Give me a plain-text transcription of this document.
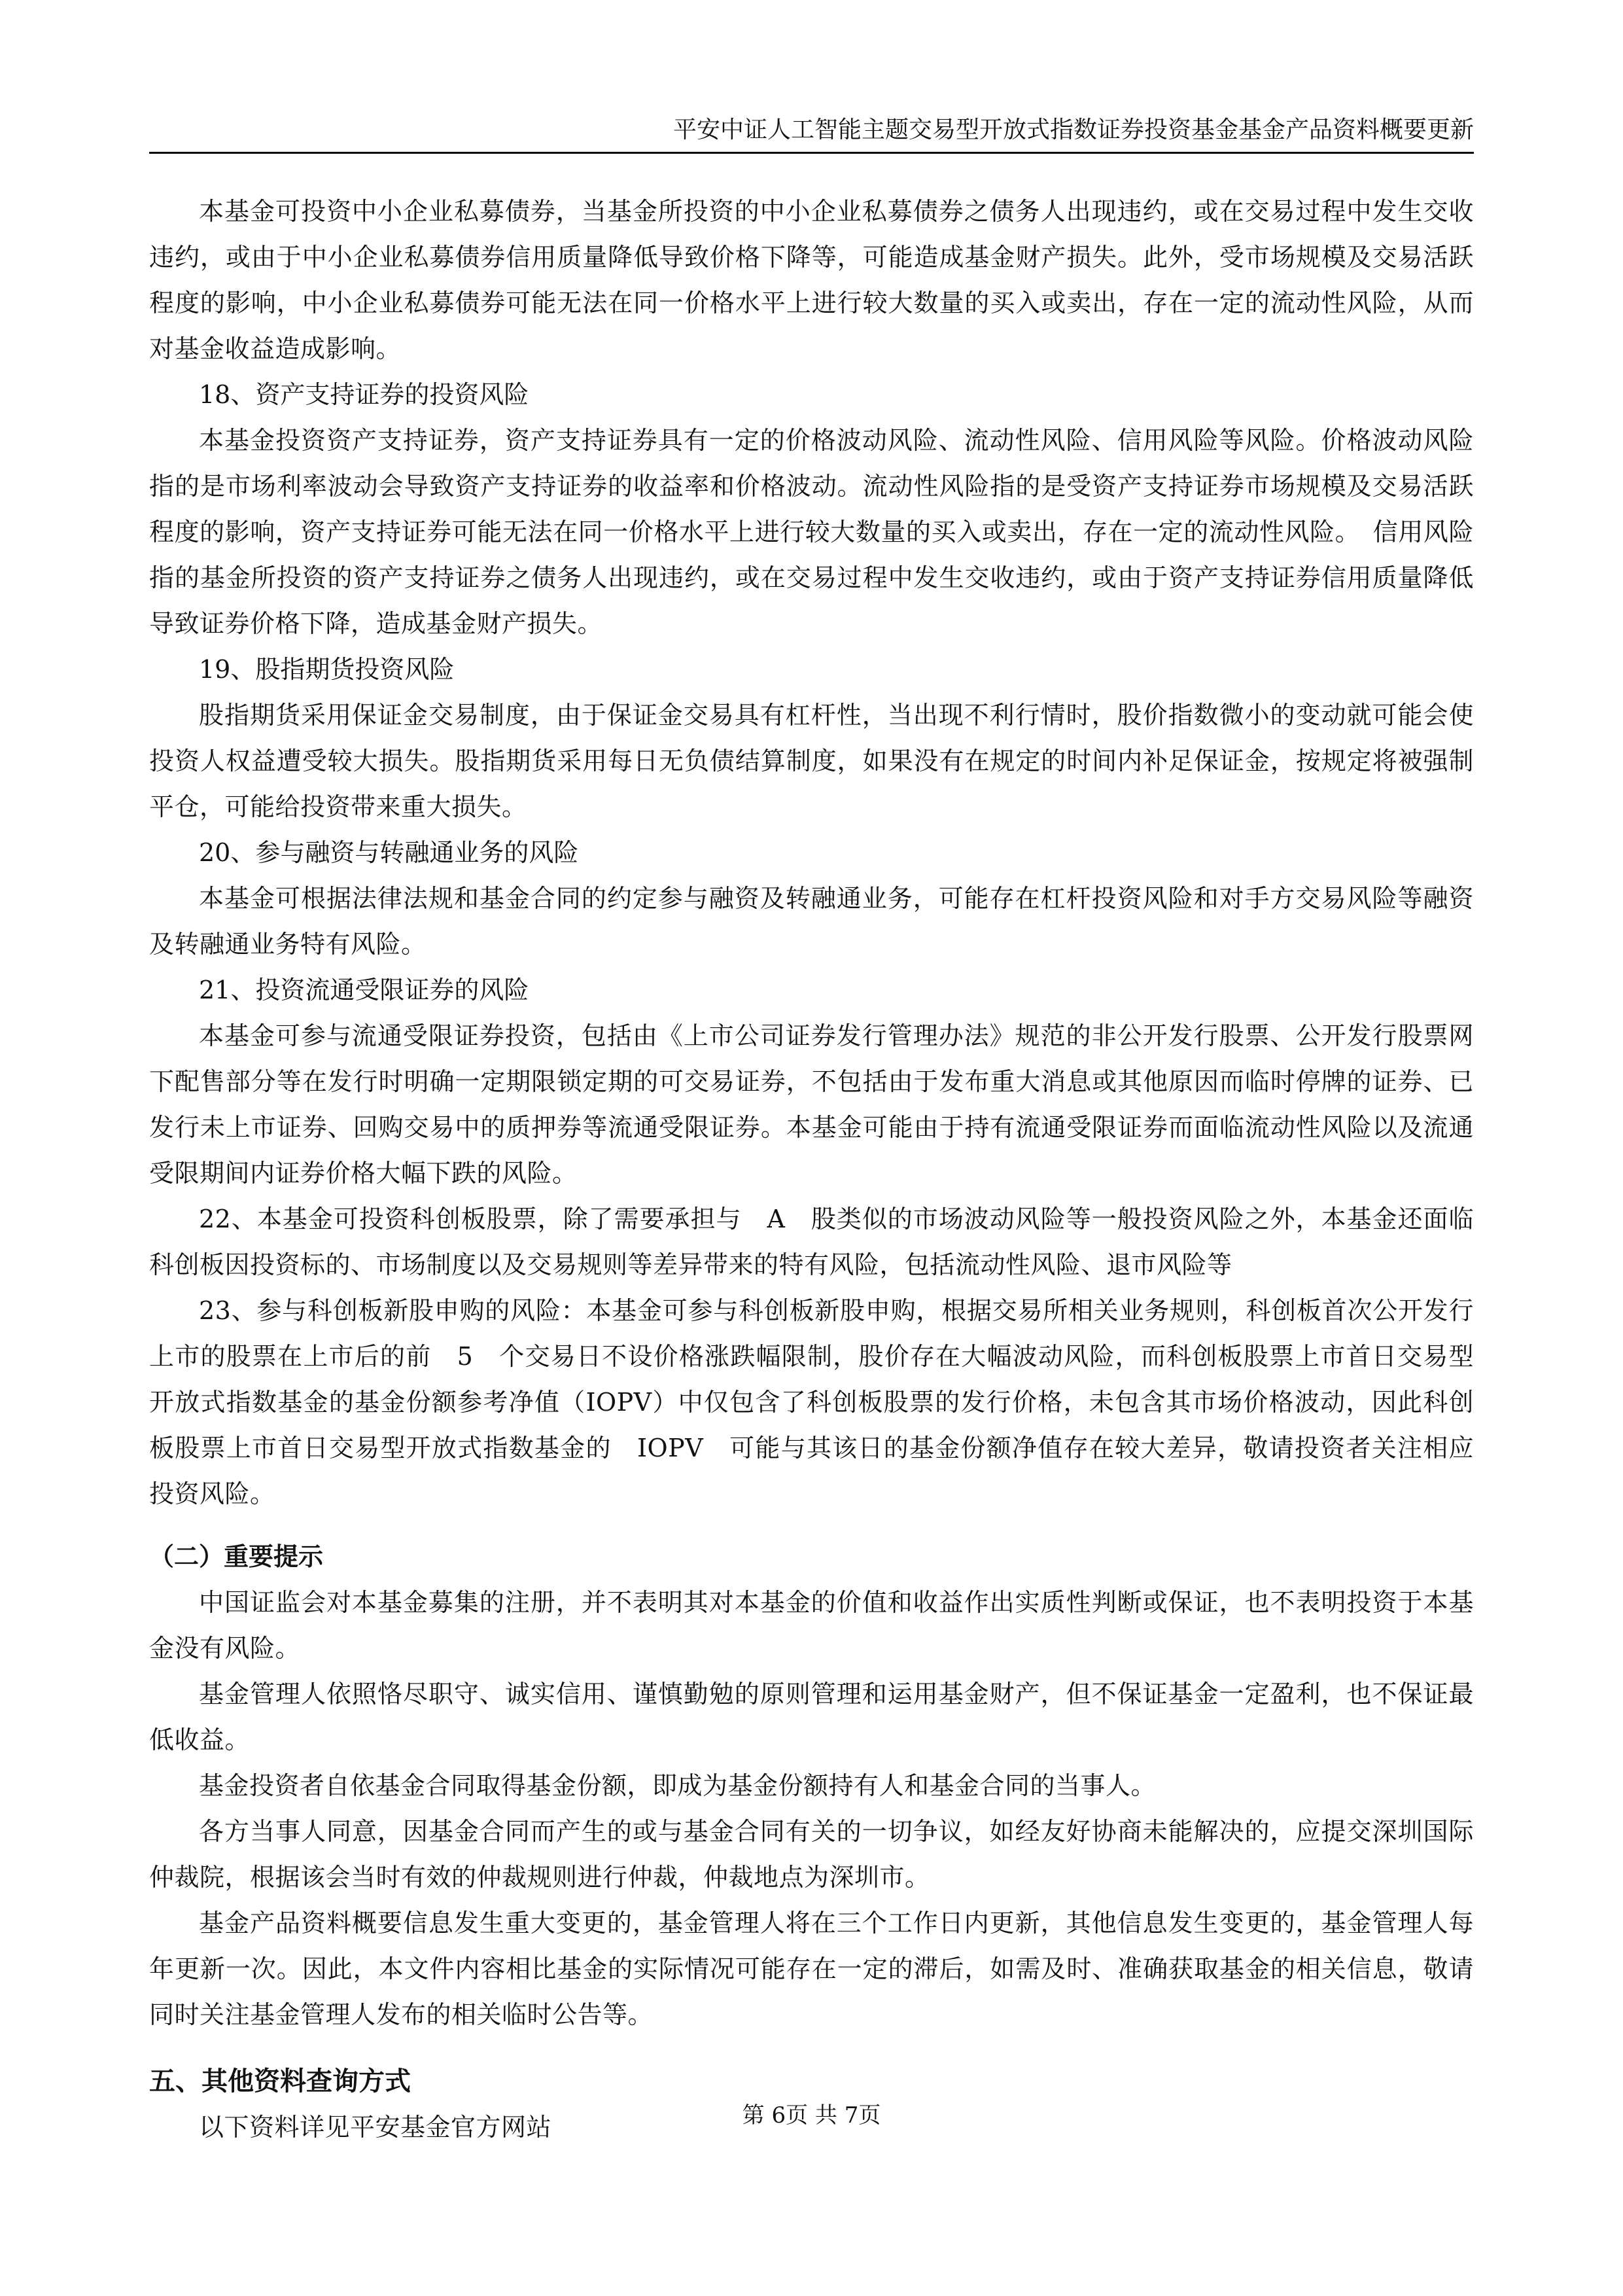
平安中证人工智能主题交易型开放式指数证券投资基金基金产品资料概要更新

本基金可投资中小企业私募债券，当基金所投资的中小企业私募债券之债务人出现违约，或在交易过程中发生交收违约，或由于中小企业私募债券信用质量降低导致价格下降等，可能造成基金财产损失。此外，受市场规模及交易活跃程度的影响，中小企业私募债券可能无法在同一价格水平上进行较大数量的买入或卖出，存在一定的流动性风险，从而对基金收益造成影响。

18、资产支持证券的投资风险

本基金投资资产支持证券，资产支持证券具有一定的价格波动风险、流动性风险、信用风险等风险。价格波动风险指的是市场利率波动会导致资产支持证券的收益率和价格波动。流动性风险指的是受资产支持证券市场规模及交易活跃程度的影响，资产支持证券可能无法在同一价格水平上进行较大数量的买入或卖出，存在一定的流动性风险。　信用风险指的基金所投资的资产支持证券之债务人出现违约，或在交易过程中发生交收违约，或由于资产支持证券信用质量降低导致证券价格下降，造成基金财产损失。

19、股指期货投资风险

股指期货采用保证金交易制度，由于保证金交易具有杠杆性，当出现不利行情时，股价指数微小的变动就可能会使投资人权益遭受较大损失。股指期货采用每日无负债结算制度，如果没有在规定的时间内补足保证金，按规定将被强制平仓，可能给投资带来重大损失。

20、参与融资与转融通业务的风险

本基金可根据法律法规和基金合同的约定参与融资及转融通业务，可能存在杠杆投资风险和对手方交易风险等融资及转融通业务特有风险。

21、投资流通受限证券的风险

本基金可参与流通受限证券投资，包括由《上市公司证券发行管理办法》规范的非公开发行股票、公开发行股票网下配售部分等在发行时明确一定期限锁定期的可交易证券，不包括由于发布重大消息或其他原因而临时停牌的证券、已发行未上市证券、回购交易中的质押券等流通受限证券。本基金可能由于持有流通受限证券而面临流动性风险以及流通受限期间内证券价格大幅下跌的风险。

22、本基金可投资科创板股票，除了需要承担与　A　股类似的市场波动风险等一般投资风险之外，本基金还面临科创板因投资标的、市场制度以及交易规则等差异带来的特有风险，包括流动性风险、退市风险等

23、参与科创板新股申购的风险：本基金可参与科创板新股申购，根据交易所相关业务规则，科创板首次公开发行上市的股票在上市后的前　5　个交易日不设价格涨跌幅限制，股价存在大幅波动风险，而科创板股票上市首日交易型开放式指数基金的基金份额参考净值（IOPV）中仅包含了科创板股票的发行价格，未包含其市场价格波动，因此科创板股票上市首日交易型开放式指数基金的　IOPV　可能与其该日的基金份额净值存在较大差异，敬请投资者关注相应投资风险。

（二）重要提示

中国证监会对本基金募集的注册，并不表明其对本基金的价值和收益作出实质性判断或保证，也不表明投资于本基金没有风险。

基金管理人依照恪尽职守、诚实信用、谨慎勤勉的原则管理和运用基金财产，但不保证基金一定盈利，也不保证最低收益。

基金投资者自依基金合同取得基金份额，即成为基金份额持有人和基金合同的当事人。

各方当事人同意，因基金合同而产生的或与基金合同有关的一切争议，如经友好协商未能解决的，应提交深圳国际仲裁院，根据该会当时有效的仲裁规则进行仲裁，仲裁地点为深圳市。

基金产品资料概要信息发生重大变更的，基金管理人将在三个工作日内更新，其他信息发生变更的，基金管理人每年更新一次。因此，本文件内容相比基金的实际情况可能存在一定的滞后，如需及时、准确获取基金的相关信息，敬请同时关注基金管理人发布的相关临时公告等。

五、其他资料查询方式

以下资料详见平安基金官方网站	第 6页 共 7页
